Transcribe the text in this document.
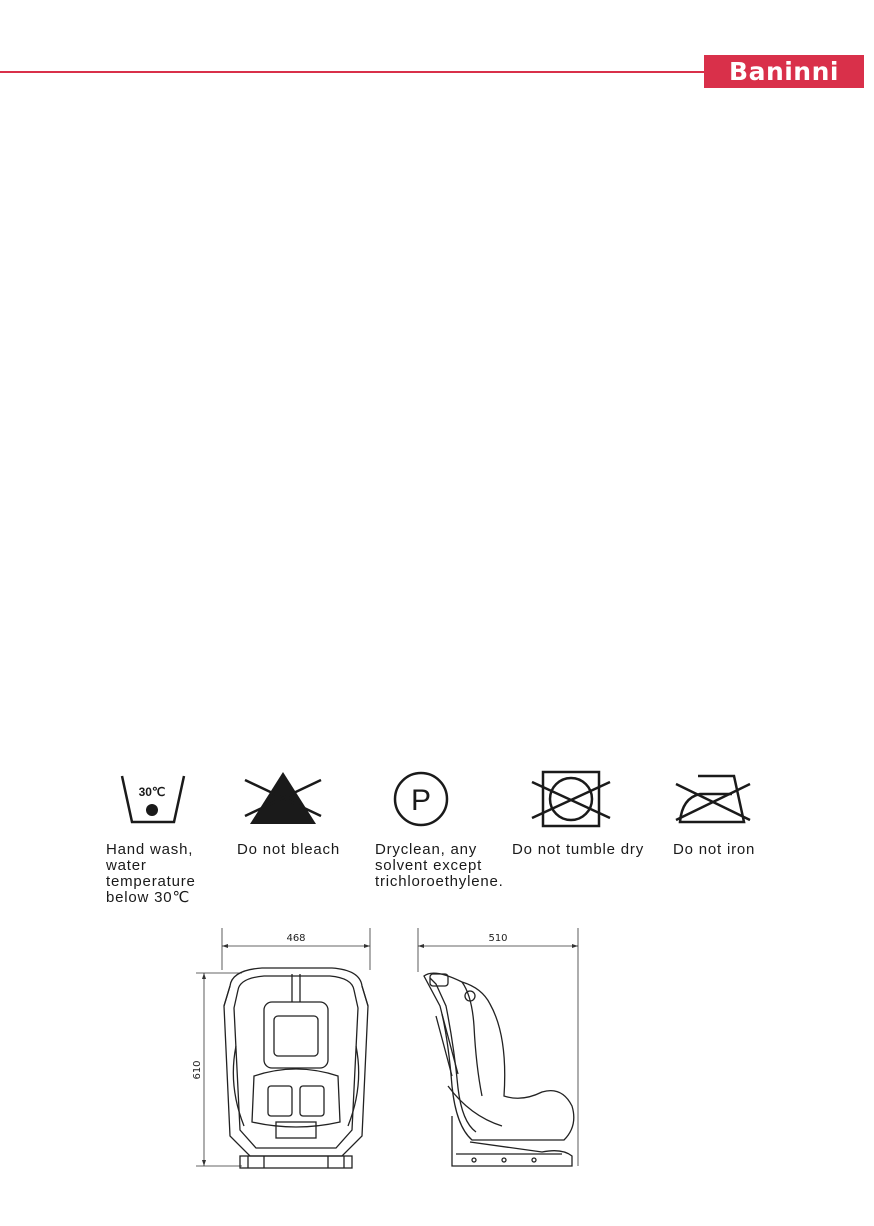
Baninni
30℃	P
Hand wash,
water
temperature
below 30℃
Do not bleach	Dryclean, any
solvent except
trichloroethylene.
Do not tumble dry	Do not iron
468
610
510
